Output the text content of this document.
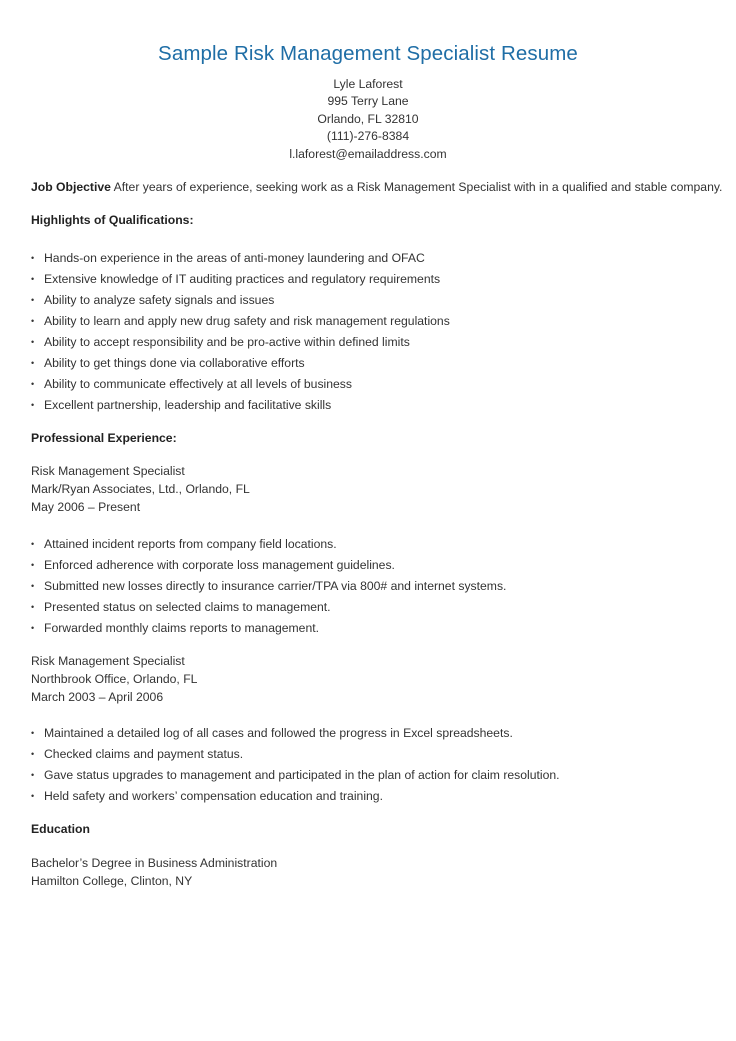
Sample Risk Management Specialist Resume
Lyle Laforest
995 Terry Lane
Orlando, FL 32810
(111)-276-8384
l.laforest@emailaddress.com
Job Objective After years of experience, seeking work as a Risk Management Specialist with in a qualified and stable company.
Highlights of Qualifications:
• Hands-on experience in the areas of anti-money laundering and OFAC
• Extensive knowledge of IT auditing practices and regulatory requirements
• Ability to analyze safety signals and issues
• Ability to learn and apply new drug safety and risk management regulations
• Ability to accept responsibility and be pro-active within defined limits
• Ability to get things done via collaborative efforts
• Ability to communicate effectively at all levels of business
• Excellent partnership, leadership and facilitative skills
Professional Experience:
Risk Management Specialist
Mark/Ryan Associates, Ltd., Orlando, FL
May 2006 – Present
• Attained incident reports from company field locations.
• Enforced adherence with corporate loss management guidelines.
• Submitted new losses directly to insurance carrier/TPA via 800# and internet systems.
• Presented status on selected claims to management.
• Forwarded monthly claims reports to management.
Risk Management Specialist
Northbrook Office, Orlando, FL
March 2003 – April 2006
• Maintained a detailed log of all cases and followed the progress in Excel spreadsheets.
• Checked claims and payment status.
• Gave status upgrades to management and participated in the plan of action for claim resolution.
• Held safety and workers’ compensation education and training.
Education
Bachelor’s Degree in Business Administration
Hamilton College, Clinton, NY
